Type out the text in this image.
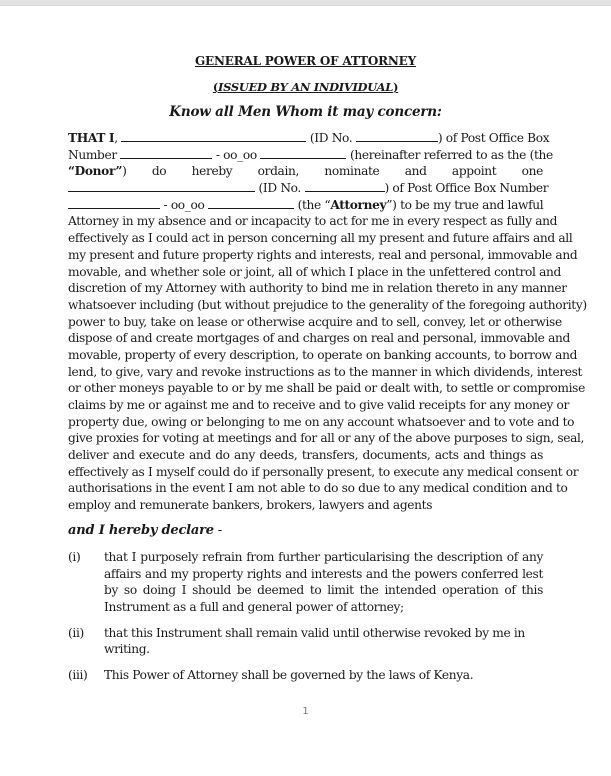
GENERAL POWER OF ATTORNEY
(ISSUED BY AN INDIVIDUAL)

Know all Men Whom it may concern:

THAT I,	(ID No.	) of Post Office Box
Number	- oo_oo	(hereinafter referred to as the (the
“Donor”) do hereby ordain, nominate and appoint one
(ID No.	) of Post Office Box Number
- oo_oo	(the “Attorney”) to be my true and lawful
Attorney in my absence and or incapacity to act for me in every respect as fully and
effectively as I could act in person concerning all my present and future affairs and all
my present and future property rights and interests, real and personal, immovable and
movable, and whether sole or joint, all of which I place in the unfettered control and
discretion of my Attorney with authority to bind me in relation thereto in any manner
whatsoever including (but without prejudice to the generality of the foregoing authority)
power to buy, take on lease or otherwise acquire and to sell, convey, let or otherwise
dispose of and create mortgages of and charges on real and personal, immovable and
movable, property of every description, to operate on banking accounts, to borrow and
lend, to give, vary and revoke instructions as to the manner in which dividends, interest
or other moneys payable to or by me shall be paid or dealt with, to settle or compromise
claims by me or against me and to receive and to give valid receipts for any money or
property due, owing or belonging to me on any account whatsoever and to vote and to
give proxies for voting at meetings and for all or any of the above purposes to sign, seal,
deliver and execute and do any deeds, transfers, documents, acts and things as
effectively as I myself could do if personally present, to execute any medical consent or
authorisations in the event I am not able to do so due to any medical condition and to
employ and remunerate bankers, brokers, lawyers and agents

and I hereby declare -

(i) that I purposely refrain from further particularising the description of any affairs and my property rights and interests and the powers conferred lest by so doing I should be deemed to limit the intended operation of this Instrument as a full and general power of attorney;
(ii) that this Instrument shall remain valid until otherwise revoked by me in writing.
(iii) This Power of Attorney shall be governed by the laws of Kenya.
1
